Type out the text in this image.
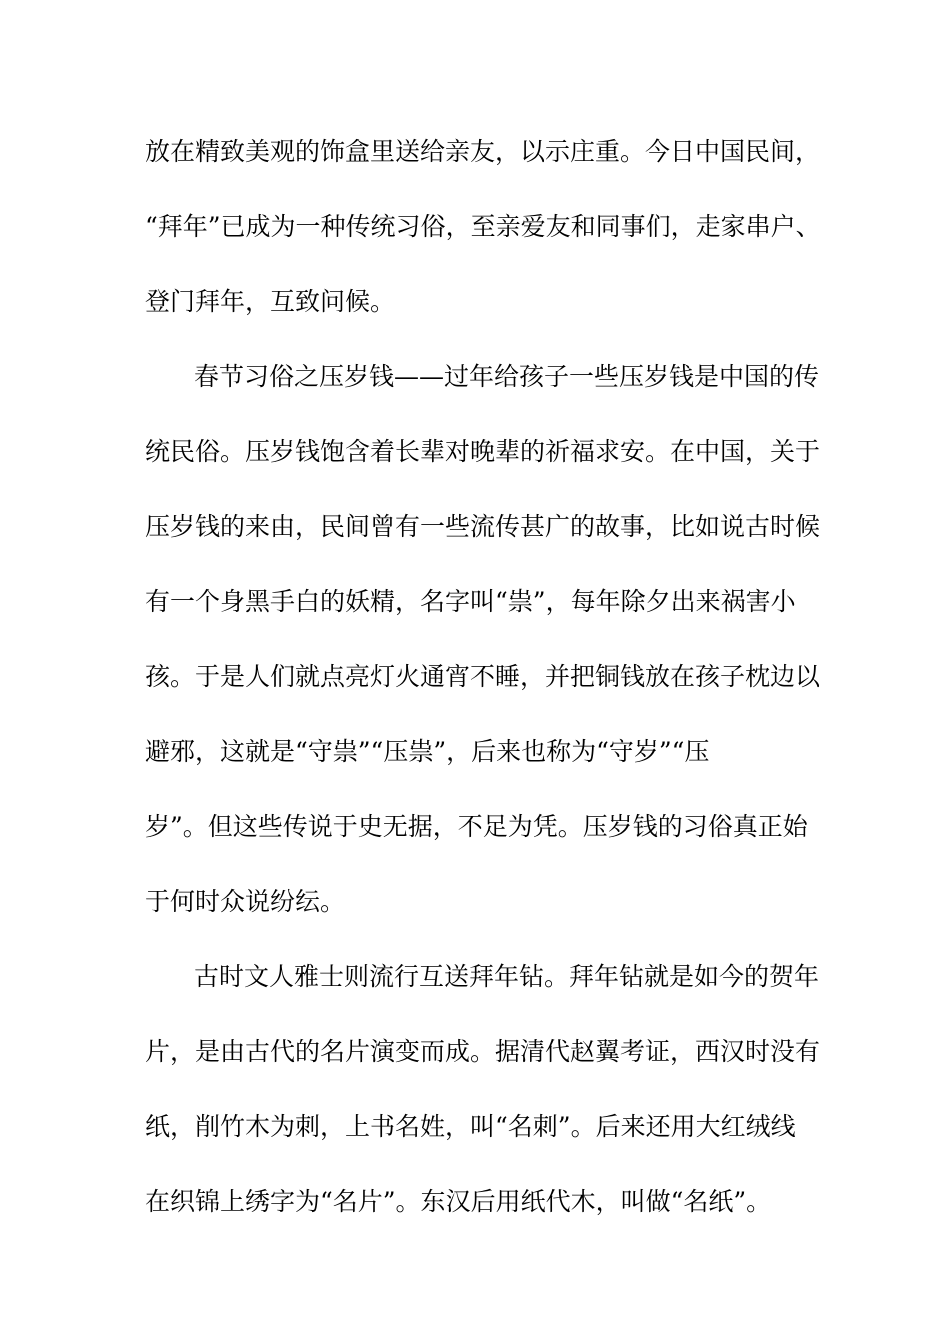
放在精致美观的饰盒里送给亲友，以示庄重。今日中国民间，
“拜年”已成为一种传统习俗，至亲爱友和同事们，走家串户、
登门拜年，互致问候。
春节习俗之压岁钱——过年给孩子一些压岁钱是中国的传
统民俗。压岁钱饱含着长辈对晚辈的祈福求安。在中国，关于
压岁钱的来由，民间曾有一些流传甚广的故事，比如说古时候
有一个身黑手白的妖精，名字叫“祟”，每年除夕出来祸害小
孩。于是人们就点亮灯火通宵不睡，并把铜钱放在孩子枕边以
避邪，这就是“守祟”“压祟”，后来也称为“守岁”“压
岁”。但这些传说于史无据，不足为凭。压岁钱的习俗真正始
于何时众说纷纭。
古时文人雅士则流行互送拜年钻。拜年钻就是如今的贺年
片，是由古代的名片演变而成。据清代赵翼考证，西汉时没有
纸，削竹木为刺，上书名姓，叫“名刺”。后来还用大红绒线
在织锦上绣字为“名片”。东汉后用纸代木，叫做“名纸”。
